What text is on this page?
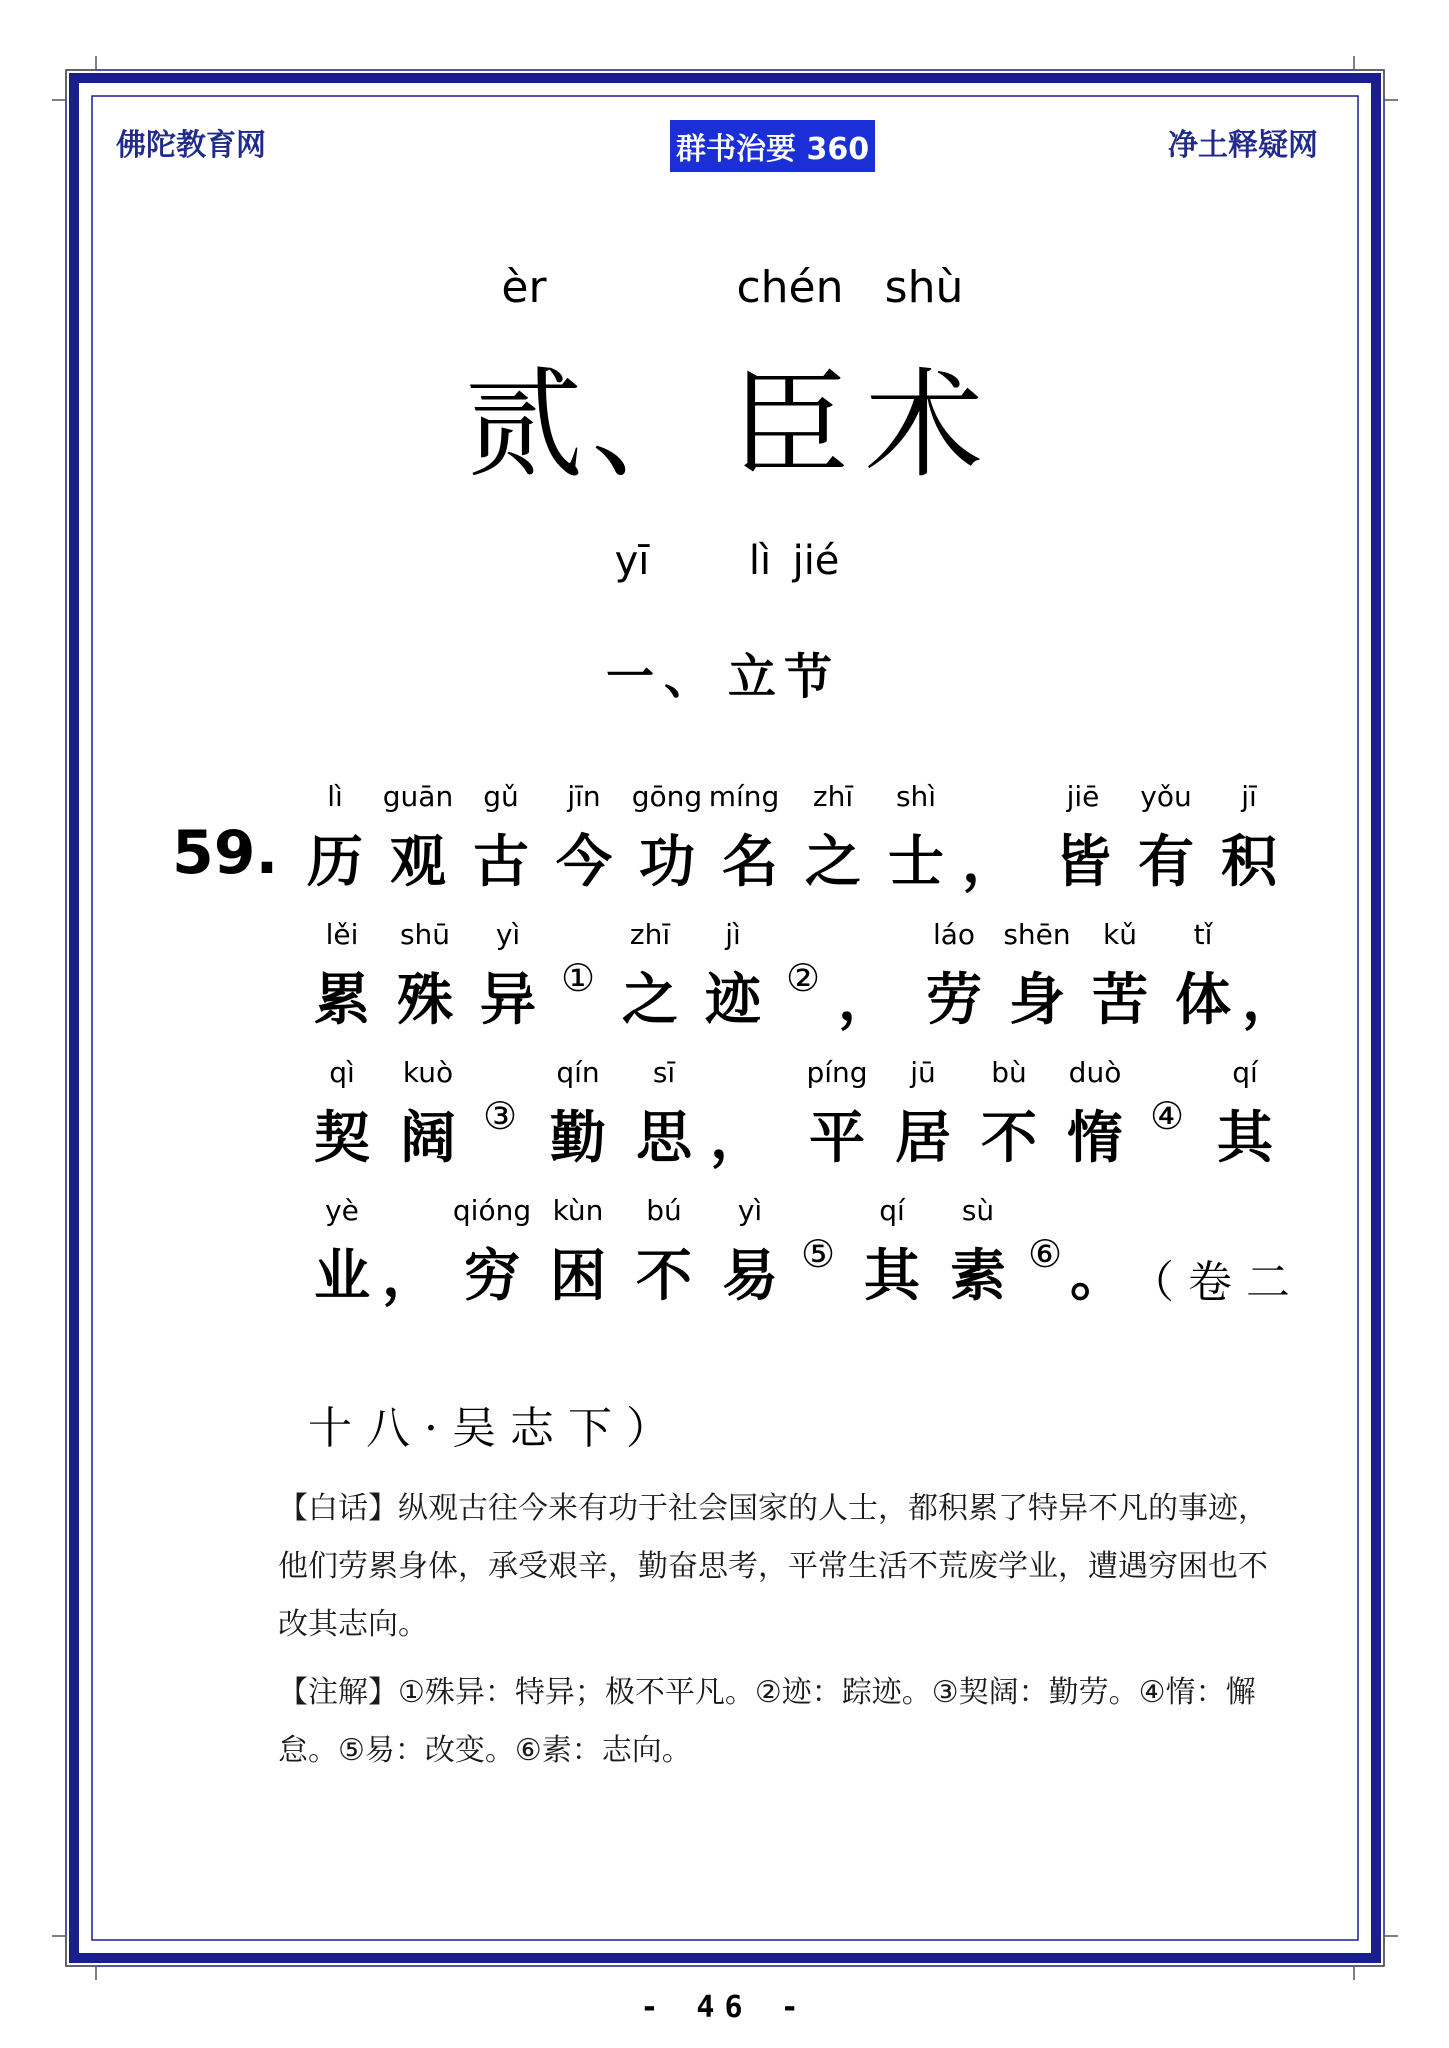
佛陀教育网	群书治要 360	净土释疑网
èr	chén shù
贰 、 臣 术
yī lì jié
一 、 立 节
59.
lì guān gǔ jīn gōng míng zhī shì	jiē yǒu jī
历 观 古 今 功 名 之 士 ， 皆 有 积
lěi shū yì	zhī jì	láo shēn kǔ tǐ
累 殊 异 ① 之 迹 ② ， 劳 身 苦 体 ，
qì kuò	qín sī	píng jū bù duò	qí
契 阔 ③ 勤 思 ， 平 居 不 惰 ④ 其
yè	qióng kùn bú yì	qí sù
业 ， 穷 困 不 易 ⑤ 其 素 ⑥ 。 （卷二
十八·吴志下）
【白话】纵观古往今来有功于社会国家的人士，都积累了特异不凡的事迹，他们劳累身体，承受艰辛，勤奋思考，平常生活不荒废学业，遭遇穷困也不改其志向。
【注解】①殊异：特异；极不平凡。②迹：踪迹。③契阔：勤劳。④惰：懈怠。⑤易：改变。⑥素：志向。
- 46 -
